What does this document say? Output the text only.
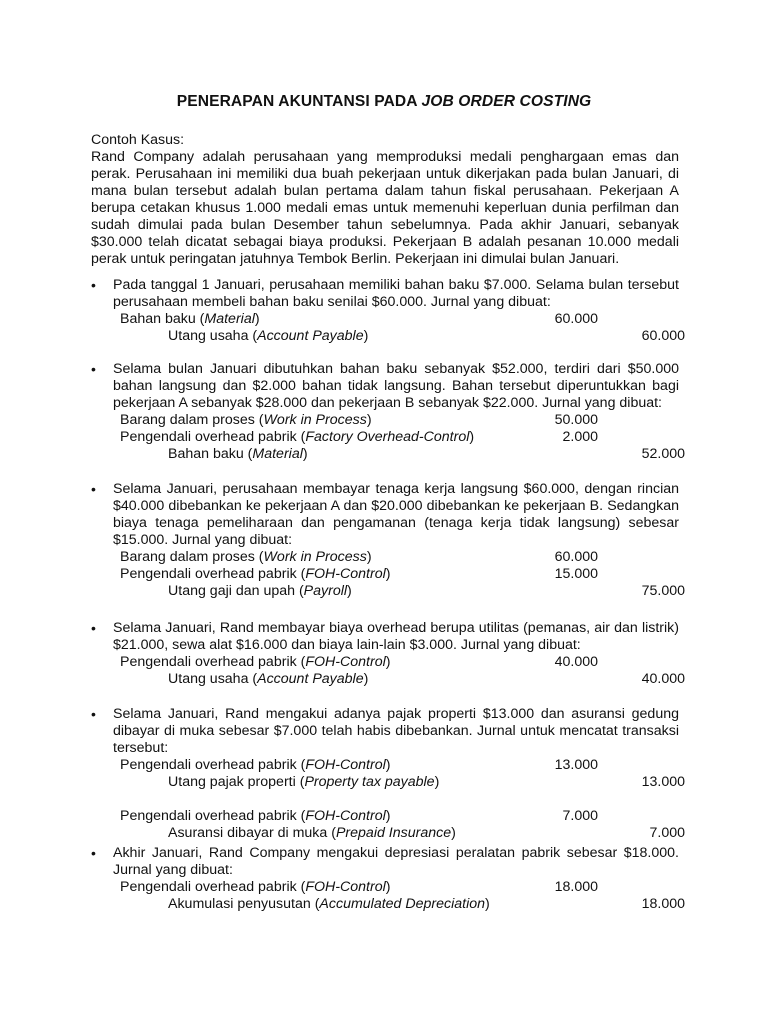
PENERAPAN AKUNTANSI PADA JOB ORDER COSTING

Contoh Kasus:

Rand Company adalah perusahaan yang memproduksi medali penghargaan emas dan perak. Perusahaan ini memiliki dua buah pekerjaan untuk dikerjakan pada bulan Januari, di mana bulan tersebut adalah bulan pertama dalam tahun fiskal perusahaan. Pekerjaan A berupa cetakan khusus 1.000 medali emas untuk memenuhi keperluan dunia perfilman dan sudah dimulai pada bulan Desember tahun sebelumnya. Pada akhir Januari, sebanyak $30.000 telah dicatat sebagai biaya produksi. Pekerjaan B adalah pesanan 10.000 medali perak untuk peringatan jatuhnya Tembok Berlin. Pekerjaan ini dimulai bulan Januari.

• Pada tanggal 1 Januari, perusahaan memiliki bahan baku $7.000. Selama bulan tersebut perusahaan membeli bahan baku senilai $60.000. Jurnal yang dibuat:
Bahan baku (Material)	60.000
Utang usaha (Account Payable)	60.000
• Selama bulan Januari dibutuhkan bahan baku sebanyak $52.000, terdiri dari $50.000 bahan langsung dan $2.000 bahan tidak langsung. Bahan tersebut diperuntukkan bagi pekerjaan A sebanyak $28.000 dan pekerjaan B sebanyak $22.000. Jurnal yang dibuat:
Barang dalam proses (Work in Process)	50.000
Pengendali overhead pabrik (Factory Overhead-Control)	2.000
Bahan baku (Material)	52.000
• Selama Januari, perusahaan membayar tenaga kerja langsung $60.000, dengan rincian $40.000 dibebankan ke pekerjaan A dan $20.000 dibebankan ke pekerjaan B. Sedangkan biaya tenaga pemeliharaan dan pengamanan (tenaga kerja tidak langsung) sebesar $15.000. Jurnal yang dibuat:
Barang dalam proses (Work in Process)	60.000
Pengendali overhead pabrik (FOH-Control)	15.000
Utang gaji dan upah (Payroll)	75.000
• Selama Januari, Rand membayar biaya overhead berupa utilitas (pemanas, air dan listrik) $21.000, sewa alat $16.000 dan biaya lain-lain $3.000. Jurnal yang dibuat:
Pengendali overhead pabrik (FOH-Control)	40.000
Utang usaha (Account Payable)	40.000
• Selama Januari, Rand mengakui adanya pajak properti $13.000 dan asuransi gedung dibayar di muka sebesar $7.000 telah habis dibebankan. Jurnal untuk mencatat transaksi tersebut:
Pengendali overhead pabrik (FOH-Control)	13.000
Utang pajak properti (Property tax payable)	13.000
Pengendali overhead pabrik (FOH-Control)	7.000
Asuransi dibayar di muka (Prepaid Insurance)	7.000
• Akhir Januari, Rand Company mengakui depresiasi peralatan pabrik sebesar $18.000. Jurnal yang dibuat:
Pengendali overhead pabrik (FOH-Control)	18.000
Akumulasi penyusutan (Accumulated Depreciation)	18.000
